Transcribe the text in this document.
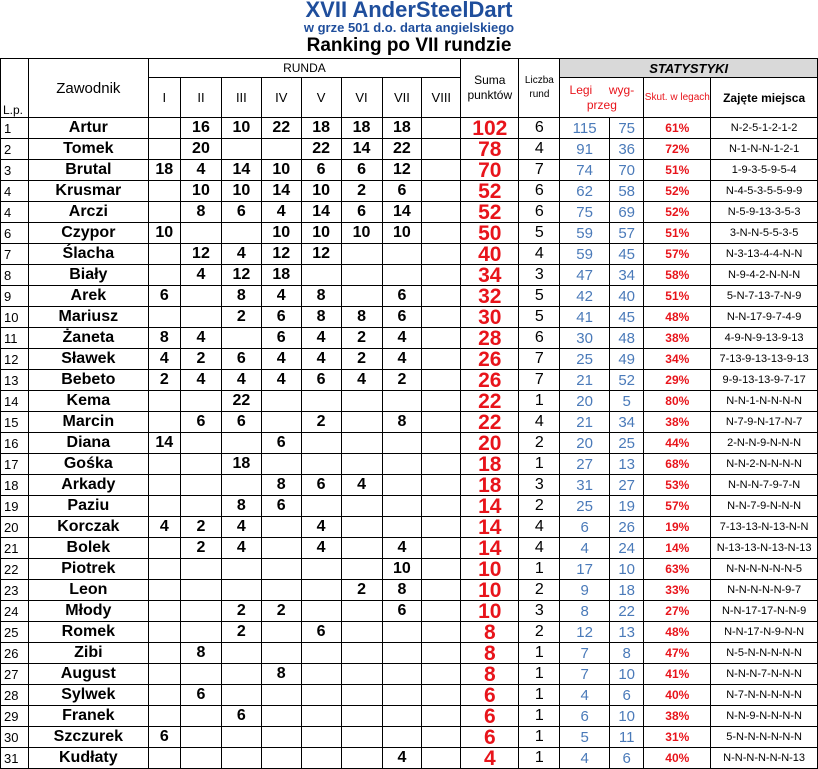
XVII AnderSteelDart
w grze 501 d.o. darta angielskiego
Ranking po VII rundzie
L.p.	Zawodnik	RUNDA								Suma punktów	Liczba rund	STATYSTYKI			
		I	II	III	IV	V	VI	VII	VIII			Legi wyg-przeg		Skut. w legach	Zajęte miejsca
1	Artur		16	10	22	18	18	18		102	6	115	75	61%	N-2-5-1-2-1-2
2	Tomek		20			22	14	22		78	4	91	36	72%	N-1-N-N-1-2-1
3	Brutal	18	4	14	10	6	6	12		70	7	74	70	51%	1-9-3-5-9-5-4
4	Krusmar		10	10	14	10	2	6		52	6	62	58	52%	N-4-5-3-5-5-9-9
4	Arczi		8	6	4	14	6	14		52	6	75	69	52%	N-5-9-13-3-5-3
6	Czypor	10			10	10	10	10		50	5	59	57	51%	3-N-N-5-5-3-5
7	Ślacha		12	4	12	12				40	4	59	45	57%	N-3-13-4-4-N-N
8	Biały		4	12	18					34	3	47	34	58%	N-9-4-2-N-N-N
9	Arek	6		8	4	8		6		32	5	42	40	51%	5-N-7-13-7-N-9
10	Mariusz			2	6	8	8	6		30	5	41	45	48%	N-N-17-9-7-4-9
11	Żaneta	8	4		6	4	2	4		28	6	30	48	38%	4-9-N-9-13-9-13
12	Sławek	4	2	6	4	4	2	4		26	7	25	49	34%	7-13-9-13-13-9-13
13	Bebeto	2	4	4	4	6	4	2		26	7	21	52	29%	9-9-13-13-9-7-17
14	Kema			22						22	1	20	5	80%	N-N-1-N-N-N-N
15	Marcin		6	6		2		8		22	4	21	34	38%	N-7-9-N-17-N-7
16	Diana	14			6					20	2	20	25	44%	2-N-N-9-N-N-N
17	Gośka			18						18	1	27	13	68%	N-N-2-N-N-N-N
18	Arkady				8	6	4			18	3	31	27	53%	N-N-N-7-9-7-N
19	Paziu			8	6					14	2	25	19	57%	N-N-7-9-N-N-N
20	Korczak	4	2	4		4				14	4	6	26	19%	7-13-13-N-13-N-N
21	Bolek		2	4		4		4		14	4	4	24	14%	N-13-13-N-13-N-13
22	Piotrek							10		10	1	17	10	63%	N-N-N-N-N-N-5
23	Leon						2	8		10	2	9	18	33%	N-N-N-N-N-9-7
24	Młody			2	2			6		10	3	8	22	27%	N-N-17-17-N-N-9
25	Romek			2		6				8	2	12	13	48%	N-N-17-N-9-N-N
26	Zibi		8							8	1	7	8	47%	N-5-N-N-N-N-N
27	August				8					8	1	7	10	41%	N-N-N-7-N-N-N
28	Sylwek		6							6	1	4	6	40%	N-7-N-N-N-N-N
29	Franek			6						6	1	6	10	38%	N-N-9-N-N-N-N
30	Szczurek	6								6	1	5	11	31%	5-N-N-N-N-N-N
31	Kudłaty							4		4	1	4	6	40%	N-N-N-N-N-N-13
